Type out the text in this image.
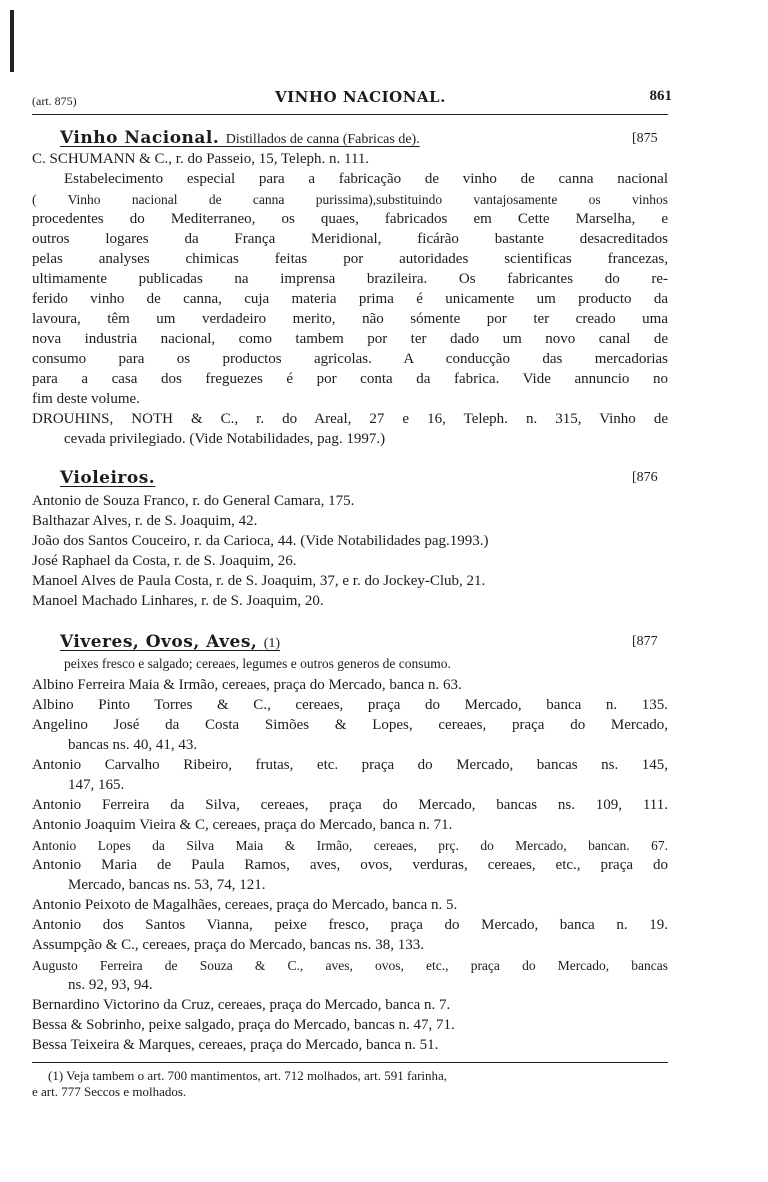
(art. 875)	VINHO NACIONAL.	861
Vinho Nacional. Distillados de canna (Fabricas de).	[875
C. SCHUMANN & C., r. do Passeio, 15, Teleph. n. 111.
Estabelecimento especial para a fabricação de vinho de canna nacional
( Vinho nacional de canna purissima),substituindo vantajosamente os vinhos
procedentes do Mediterraneo, os quaes, fabricados em Cette Marselha, e
outros logares da França Meridional, ficárão bastante desacreditados
pelas analyses chimicas feitas por autoridades scientificas francezas,
ultimamente publicadas na imprensa brazileira. Os fabricantes do re-
ferido vinho de canna, cuja materia prima é unicamente um producto da
lavoura, têm um verdadeiro merito, não sómente por ter creado uma
nova industria nacional, como tambem por ter dado um novo canal de
consumo para os productos agricolas. A conducção das mercadorias
para a casa dos freguezes é por conta da fabrica. Vide annuncio no
fim deste volume.
DROUHINS, NOTH & C., r. do Areal, 27 e 16, Teleph. n. 315, Vinho de
cevada privilegiado. (Vide Notabilidades, pag. 1997.)
Violeiros.	[876
Antonio de Souza Franco, r. do General Camara, 175.
Balthazar Alves, r. de S. Joaquim, 42.
João dos Santos Couceiro, r. da Carioca, 44. (Vide Notabilidades pag.1993.)
José Raphael da Costa, r. de S. Joaquim, 26.
Manoel Alves de Paula Costa, r. de S. Joaquim, 37, e r. do Jockey-Club, 21.
Manoel Machado Linhares, r. de S. Joaquim, 20.
Viveres, Ovos, Aves, (1)	[877
peixes fresco e salgado; cereaes, legumes e outros generos de consumo.
Albino Ferreira Maia & Irmão, cereaes, praça do Mercado, banca n. 63.
Albino Pinto Torres & C., cereaes, praça do Mercado, banca n. 135.
Angelino José da Costa Simões & Lopes, cereaes, praça do Mercado,
bancas ns. 40, 41, 43.
Antonio Carvalho Ribeiro, frutas, etc. praça do Mercado, bancas ns. 145,
147, 165.
Antonio Ferreira da Silva, cereaes, praça do Mercado, bancas ns. 109, 111.
Antonio Joaquim Vieira & C, cereaes, praça do Mercado, banca n. 71.
Antonio Lopes da Silva Maia & Irmão, cereaes, prç. do Mercado, bancan. 67.
Antonio Maria de Paula Ramos, aves, ovos, verduras, cereaes, etc., praça do
Mercado, bancas ns. 53, 74, 121.
Antonio Peixoto de Magalhães, cereaes, praça do Mercado, banca n. 5.
Antonio dos Santos Vianna, peixe fresco, praça do Mercado, banca n. 19.
Assumpção & C., cereaes, praça do Mercado, bancas ns. 38, 133.
Augusto Ferreira de Souza & C., aves, ovos, etc., praça do Mercado, bancas
ns. 92, 93, 94.
Bernardino Victorino da Cruz, cereaes, praça do Mercado, banca n. 7.
Bessa & Sobrinho, peixe salgado, praça do Mercado, bancas n. 47, 71.
Bessa Teixeira & Marques, cereaes, praça do Mercado, banca n. 51.
(1) Veja tambem o art. 700 mantimentos, art. 712 molhados, art. 591 farinha,
e art. 777 Seccos e molhados.
